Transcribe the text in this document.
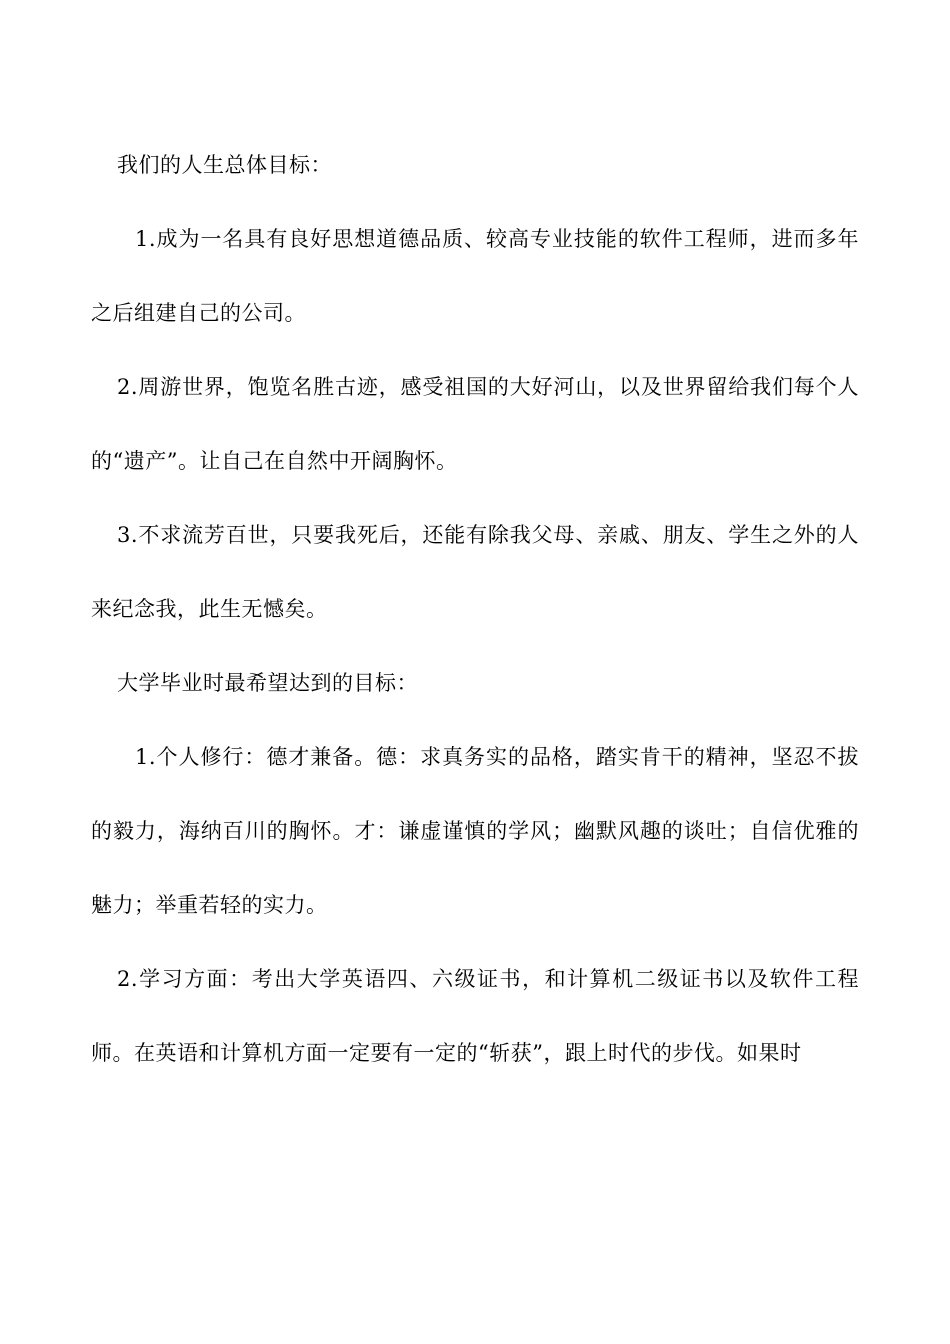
我们的人生总体目标：

1.成为一名具有良好思想道德品质、较高专业技能的软件工程师，进而多年之后组建自己的公司。

2.周游世界，饱览名胜古迹，感受祖国的大好河山，以及世界留给我们每个人的“遗产”。让自己在自然中开阔胸怀。

3.不求流芳百世，只要我死后，还能有除我父母、亲戚、朋友、学生之外的人来纪念我，此生无憾矣。

大学毕业时最希望达到的目标：

1.个人修行：德才兼备。德：求真务实的品格，踏实肯干的精神，坚忍不拔的毅力，海纳百川的胸怀。才：谦虚谨慎的学风；幽默风趣的谈吐；自信优雅的魅力；举重若轻的实力。

2.学习方面：考出大学英语四、六级证书，和计算机二级证书以及软件工程师。在英语和计算机方面一定要有一定的“斩获”，跟上时代的步伐。如果时
